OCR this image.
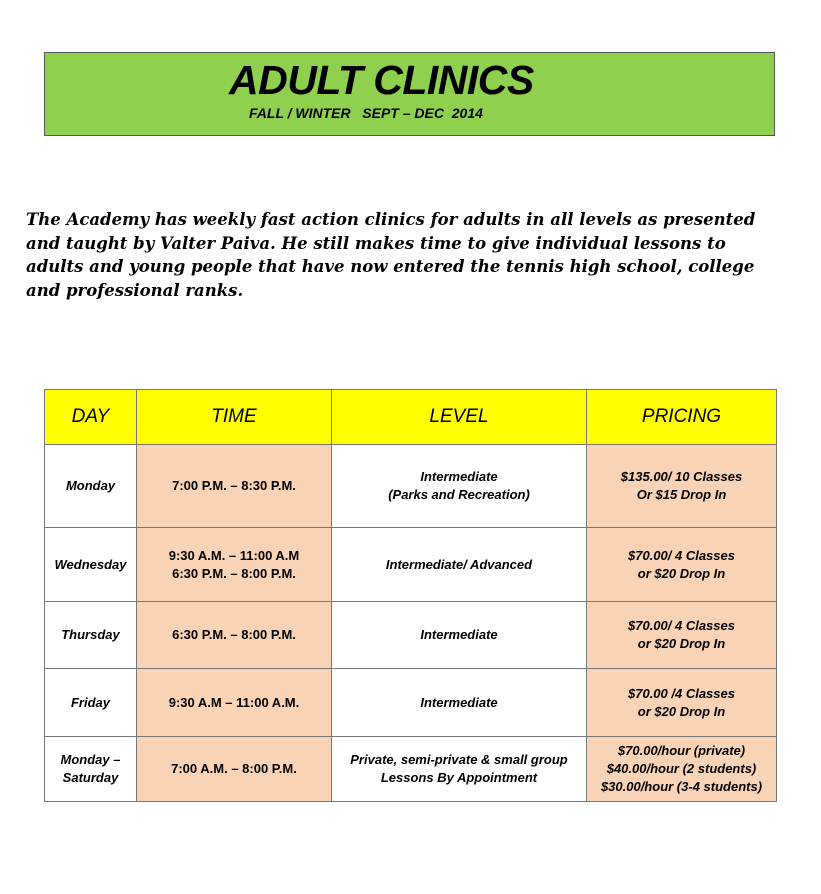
ADULT CLINICS
FALL / WINTER   SEPT – DEC  2014

The Academy has weekly fast action clinics for adults in all levels as presented and taught by Valter Paiva. He still makes time to give individual lessons to adults and young people that have now entered the tennis high school, college and professional ranks.

DAY	TIME	LEVEL	PRICING

Monday	7:00 P.M. – 8:30 P.M.	Intermediate
(Parks and Recreation)	$135.00/ 10 Classes
Or $15 Drop In

Wednesday	9:30 A.M. – 11:00 A.M
6:30 P.M. – 8:00 P.M.	Intermediate/ Advanced	$70.00/ 4 Classes
or $20 Drop In

Thursday	6:30 P.M. – 8:00 P.M.	Intermediate	$70.00/ 4 Classes
or $20 Drop In

Friday	9:30 A.M – 11:00 A.M.	Intermediate	$70.00 /4 Classes
or $20 Drop In

Monday –
Saturday	7:00 A.M. – 8:00 P.M.	Private, semi-private & small group
Lessons By Appointment	$70.00/hour (private)
$40.00/hour (2 students)
$30.00/hour (3-4 students)
